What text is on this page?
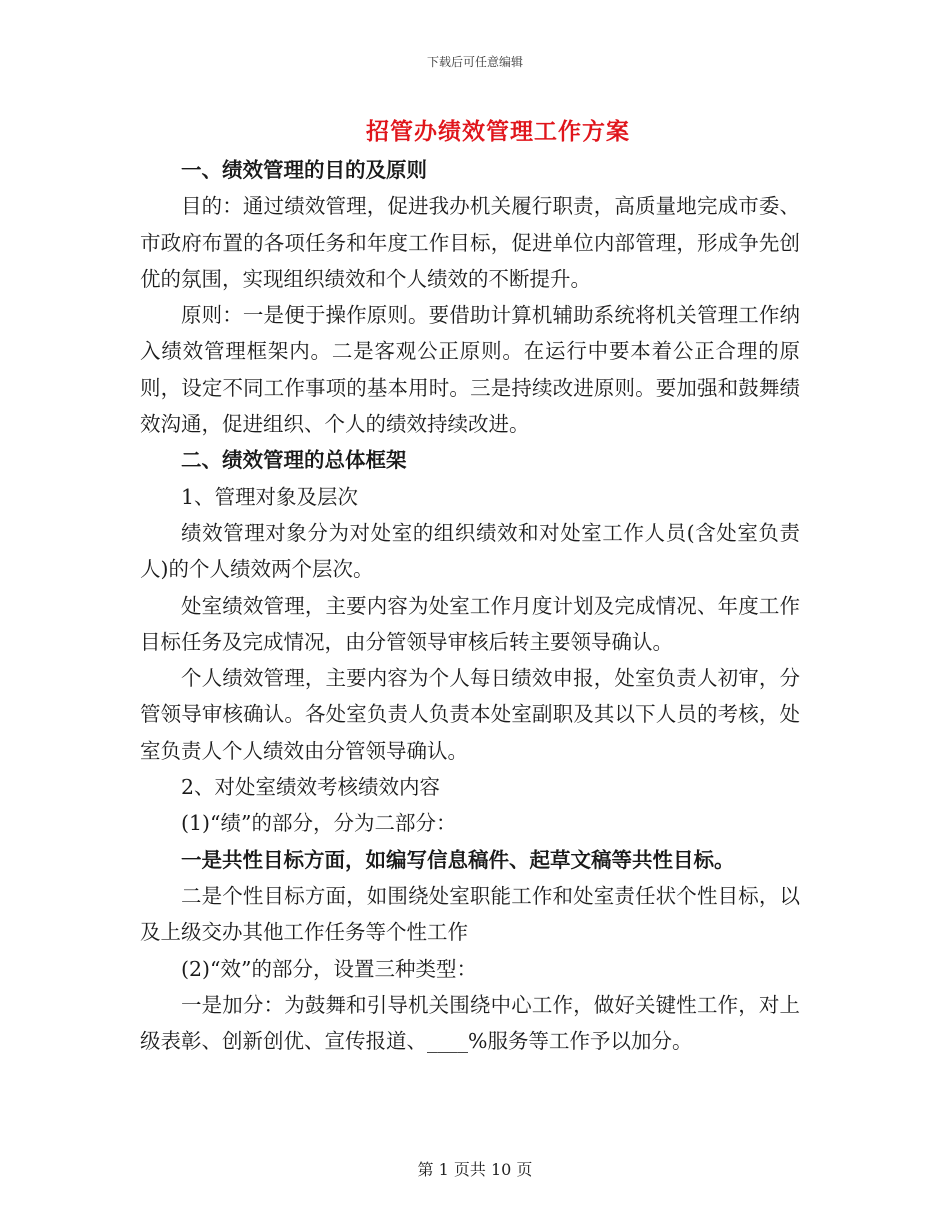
下载后可任意编辑
招管办绩效管理工作方案

一、绩效管理的目的及原则

目的：通过绩效管理，促进我办机关履行职责，高质量地完成市委、市政府布置的各项任务和年度工作目标，促进单位内部管理，形成争先创优的氛围，实现组织绩效和个人绩效的不断提升。

原则：一是便于操作原则。要借助计算机辅助系统将机关管理工作纳入绩效管理框架内。二是客观公正原则。在运行中要本着公正合理的原则，设定不同工作事项的基本用时。三是持续改进原则。要加强和鼓舞绩效沟通，促进组织、个人的绩效持续改进。

二、绩效管理的总体框架

1、管理对象及层次

绩效管理对象分为对处室的组织绩效和对处室工作人员(含处室负责人)的个人绩效两个层次。

处室绩效管理，主要内容为处室工作月度计划及完成情况、年度工作目标任务及完成情况，由分管领导审核后转主要领导确认。

个人绩效管理，主要内容为个人每日绩效申报，处室负责人初审，分管领导审核确认。各处室负责人负责本处室副职及其以下人员的考核，处室负责人个人绩效由分管领导确认。

2、对处室绩效考核绩效内容

(1)“绩”的部分，分为二部分：

一是共性目标方面，如编写信息稿件、起草文稿等共性目标。

二是个性目标方面，如围绕处室职能工作和处室责任状个性目标，以及上级交办其他工作任务等个性工作

(2)“效”的部分，设置三种类型：

一是加分：为鼓舞和引导机关围绕中心工作，做好关键性工作，对上级表彰、创新创优、宣传报道、____%服务等工作予以加分。

第 1 页共 10 页
